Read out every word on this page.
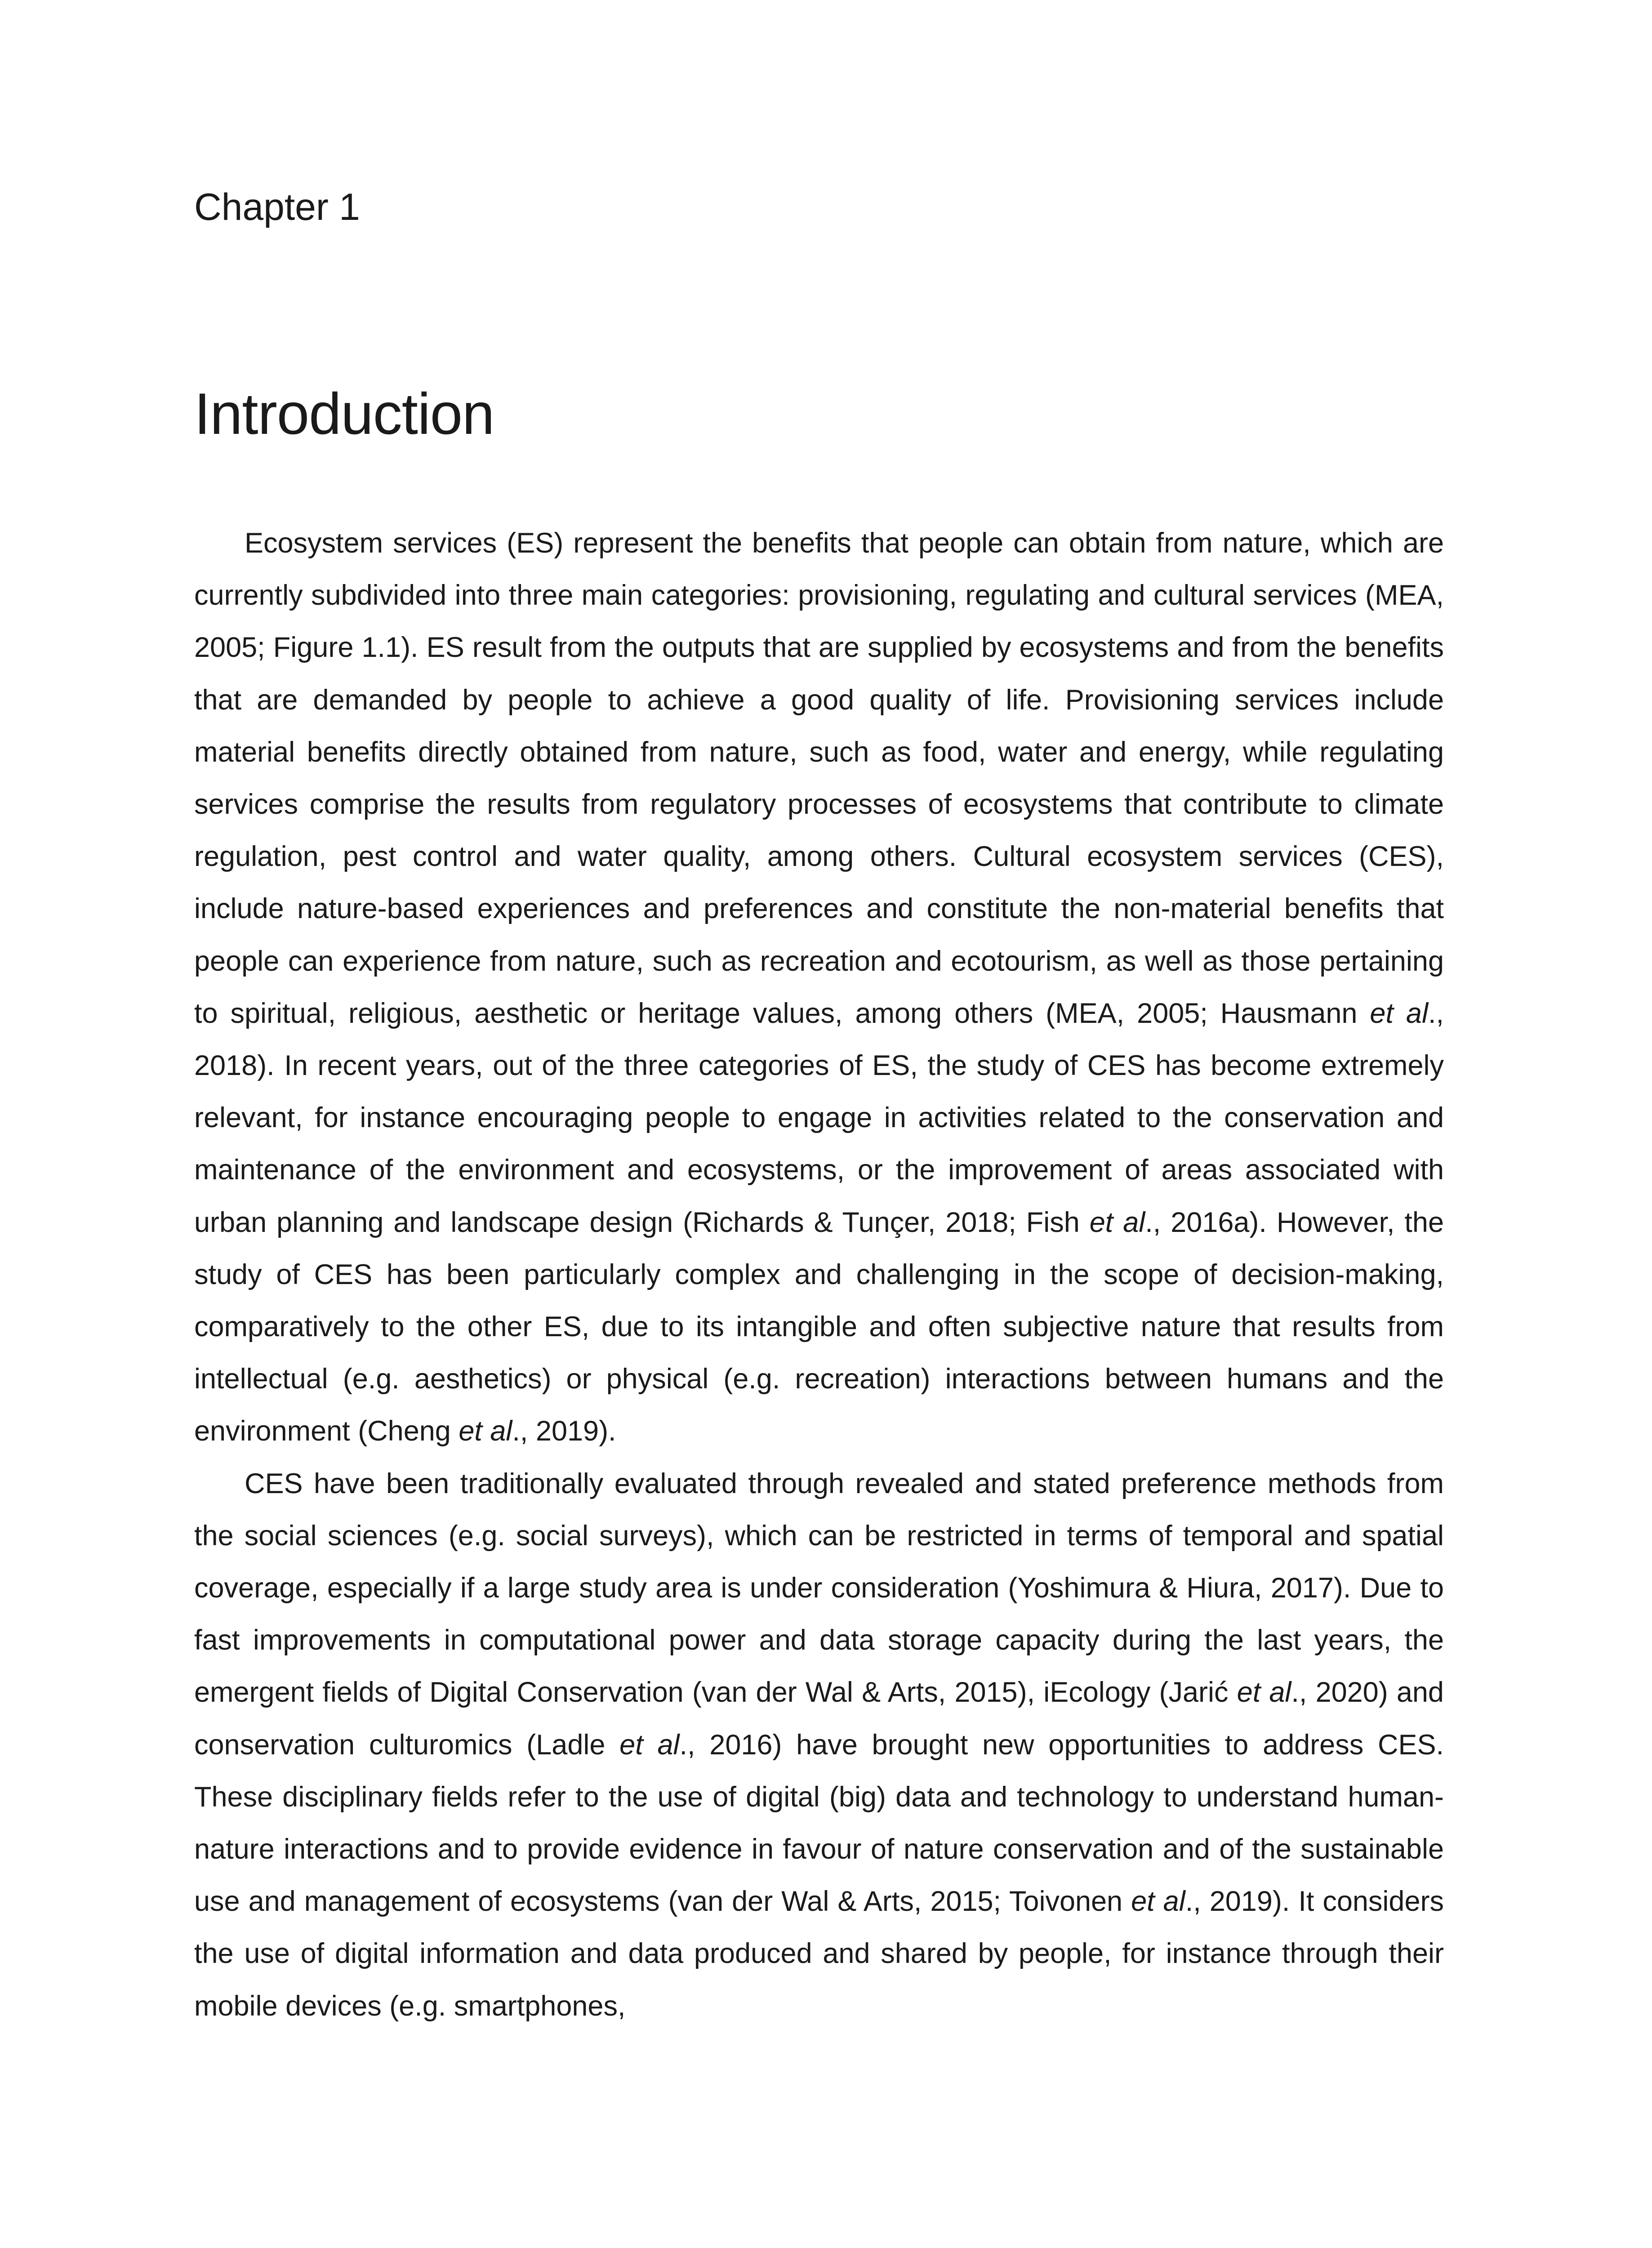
Chapter 1
Introduction

Ecosystem services (ES) represent the benefits that people can obtain from nature, which are currently subdivided into three main categories: provisioning, regulating and cultural services (MEA, 2005; Figure 1.1). ES result from the outputs that are supplied by ecosystems and from the benefits that are demanded by people to achieve a good quality of life. Provisioning services include material benefits directly obtained from nature, such as food, water and energy, while regulating services comprise the results from regulatory processes of ecosystems that contribute to climate regulation, pest control and water quality, among others. Cultural ecosystem services (CES), include nature-based experiences and preferences and constitute the non-material benefits that people can experience from nature, such as recreation and ecotourism, as well as those pertaining to spiritual, religious, aesthetic or heritage values, among others (MEA, 2005; Hausmann et al., 2018). In recent years, out of the three categories of ES, the study of CES has become extremely relevant, for instance encouraging people to engage in activities related to the conservation and maintenance of the environment and ecosystems, or the improvement of areas associated with urban planning and landscape design (Richards & Tunçer, 2018; Fish et al., 2016a). However, the study of CES has been particularly complex and challenging in the scope of decision-making, comparatively to the other ES, due to its intangible and often subjective nature that results from intellectual (e.g. aesthetics) or physical (e.g. recreation) interactions between humans and the environment (Cheng et al., 2019).

CES have been traditionally evaluated through revealed and stated preference methods from the social sciences (e.g. social surveys), which can be restricted in terms of temporal and spatial coverage, especially if a large study area is under consideration (Yoshimura & Hiura, 2017). Due to fast improvements in computational power and data storage capacity during the last years, the emergent fields of Digital Conservation (van der Wal & Arts, 2015), iEcology (Jarić et al., 2020) and conservation culturomics (Ladle et al., 2016) have brought new opportunities to address CES. These disciplinary fields refer to the use of digital (big) data and technology to understand human-nature interactions and to provide evidence in favour of nature conservation and of the sustainable use and management of ecosystems (van der Wal & Arts, 2015; Toivonen et al., 2019). It considers the use of digital information and data produced and shared by people, for instance through their mobile devices (e.g. smartphones,
